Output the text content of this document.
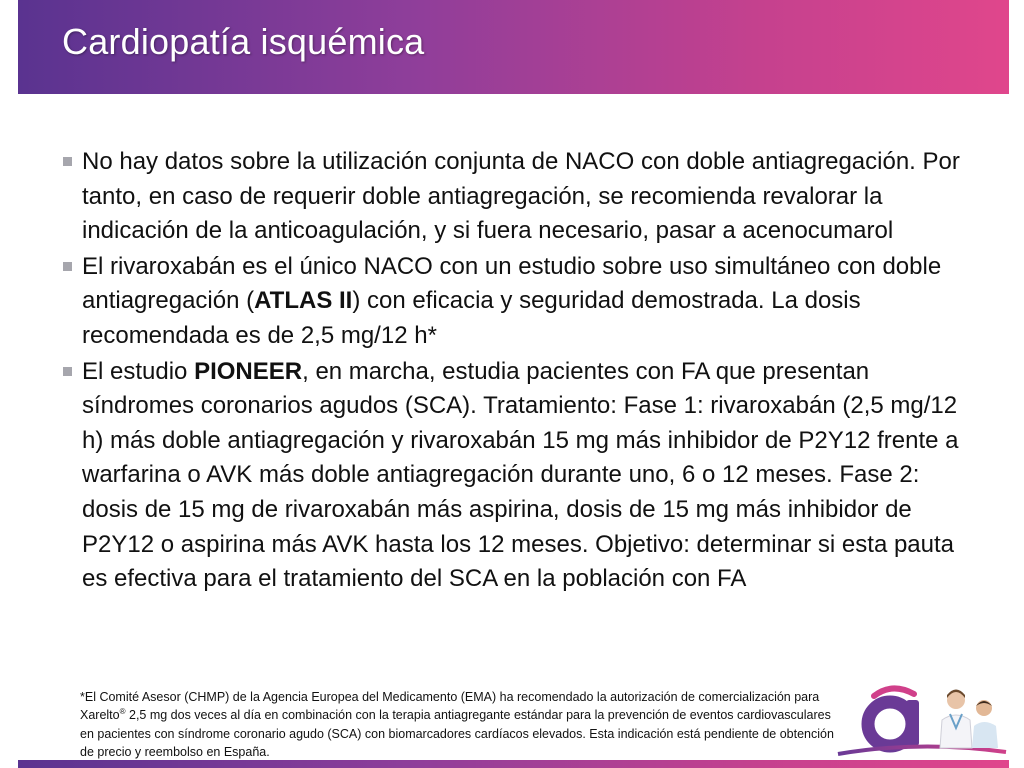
Cardiopatía isquémica
No hay datos sobre la utilización conjunta de NACO con doble antiagregación. Por tanto, en caso de requerir doble antiagregación, se recomienda revalorar la indicación de la anticoagulación, y si fuera necesario, pasar a acenocumarol
El rivaroxabán es el único NACO con un estudio sobre uso simultáneo con doble antiagregación (ATLAS II) con eficacia y seguridad demostrada. La dosis recomendada es de 2,5 mg/12 h*
El estudio PIONEER, en marcha, estudia pacientes con FA que presentan síndromes coronarios agudos (SCA). Tratamiento: Fase 1: rivaroxabán (2,5 mg/12 h) más doble antiagregación y rivaroxabán 15 mg más inhibidor de P2Y12 frente a warfarina o AVK más doble antiagregación durante uno, 6 o 12 meses. Fase 2: dosis de 15 mg de rivaroxabán más aspirina, dosis de 15 mg más inhibidor de P2Y12 o aspirina más AVK hasta los 12 meses. Objetivo: determinar si esta pauta es efectiva para el tratamiento del SCA en la población con FA
*El Comité Asesor (CHMP) de la Agencia Europea del Medicamento (EMA) ha recomendado la autorización de comercialización para Xarelto® 2,5 mg dos veces al día en combinación con la terapia antiagregante estándar para la prevención de eventos cardiovasculares en pacientes con síndrome coronario agudo (SCA) con biomarcadores cardíacos elevados. Esta indicación está pendiente de obtención de precio y reembolso en España.
